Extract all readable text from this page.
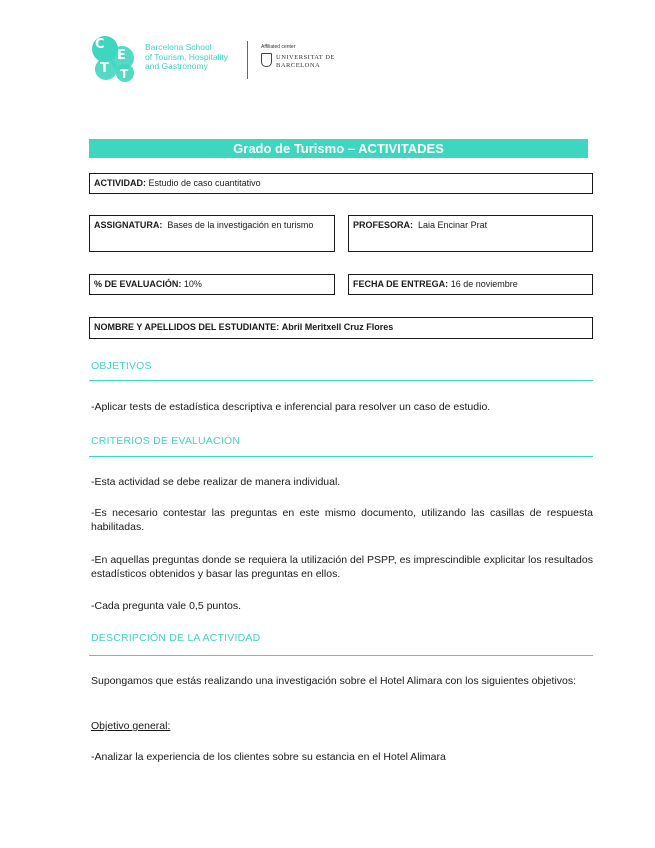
C
E
T T
Barcelona School
of Tourism, Hospitality
and Gastronomy
Affiliated center
UNIVERSITAT DE
BARCELONA
Grado de Turismo – ACTIVITADES
ACTIVIDAD: Estudio de caso cuantitativo
ASSIGNATURA: Bases de la investigación en turismo	PROFESORA: Laia Encinar Prat
% DE EVALUACIÓN: 10%	FECHA DE ENTREGA: 16 de noviembre
NOMBRE Y APELLIDOS DEL ESTUDIANTE: Abril Meritxell Cruz Flores
OBJETIVOS
-Aplicar tests de estadística descriptiva e inferencial para resolver un caso de estudio.
CRITERIOS DE EVALUACIÓN
-Esta actividad se debe realizar de manera individual.
-Es necesario contestar las preguntas en este mismo documento, utilizando las casillas de respuesta habilitadas.
-En aquellas preguntas donde se requiera la utilización del PSPP, es imprescindible explicitar los resultados estadísticos obtenidos y basar las preguntas en ellos.
-Cada pregunta vale 0,5 puntos.
DESCRIPCIÓN DE LA ACTIVIDAD
Supongamos que estás realizando una investigación sobre el Hotel Alimara con los siguientes objetivos:
Objetivo general:
-Analizar la experiencia de los clientes sobre su estancia en el Hotel Alimara
